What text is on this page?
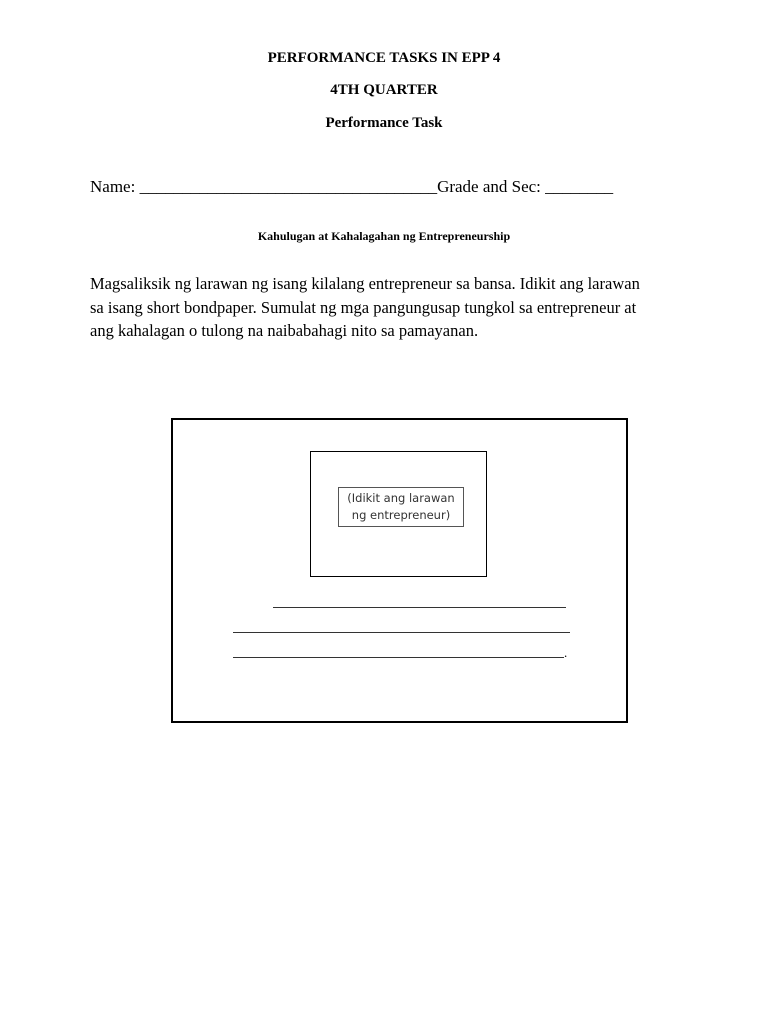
PERFORMANCE TASKS IN EPP 4
4TH QUARTER
Performance Task
Name: ___________________________________Grade and Sec: ________
Kahulugan at Kahalagahan ng Entrepreneurship
Magsaliksik ng larawan ng isang kilalang entrepreneur sa bansa. Idikit ang larawan
sa isang short bondpaper. Sumulat ng mga pangungusap tungkol sa entrepreneur at
ang kahalagan o tulong na naibabahagi nito sa pamayanan.
(Idikit ang larawan
ng entrepreneur)
.
